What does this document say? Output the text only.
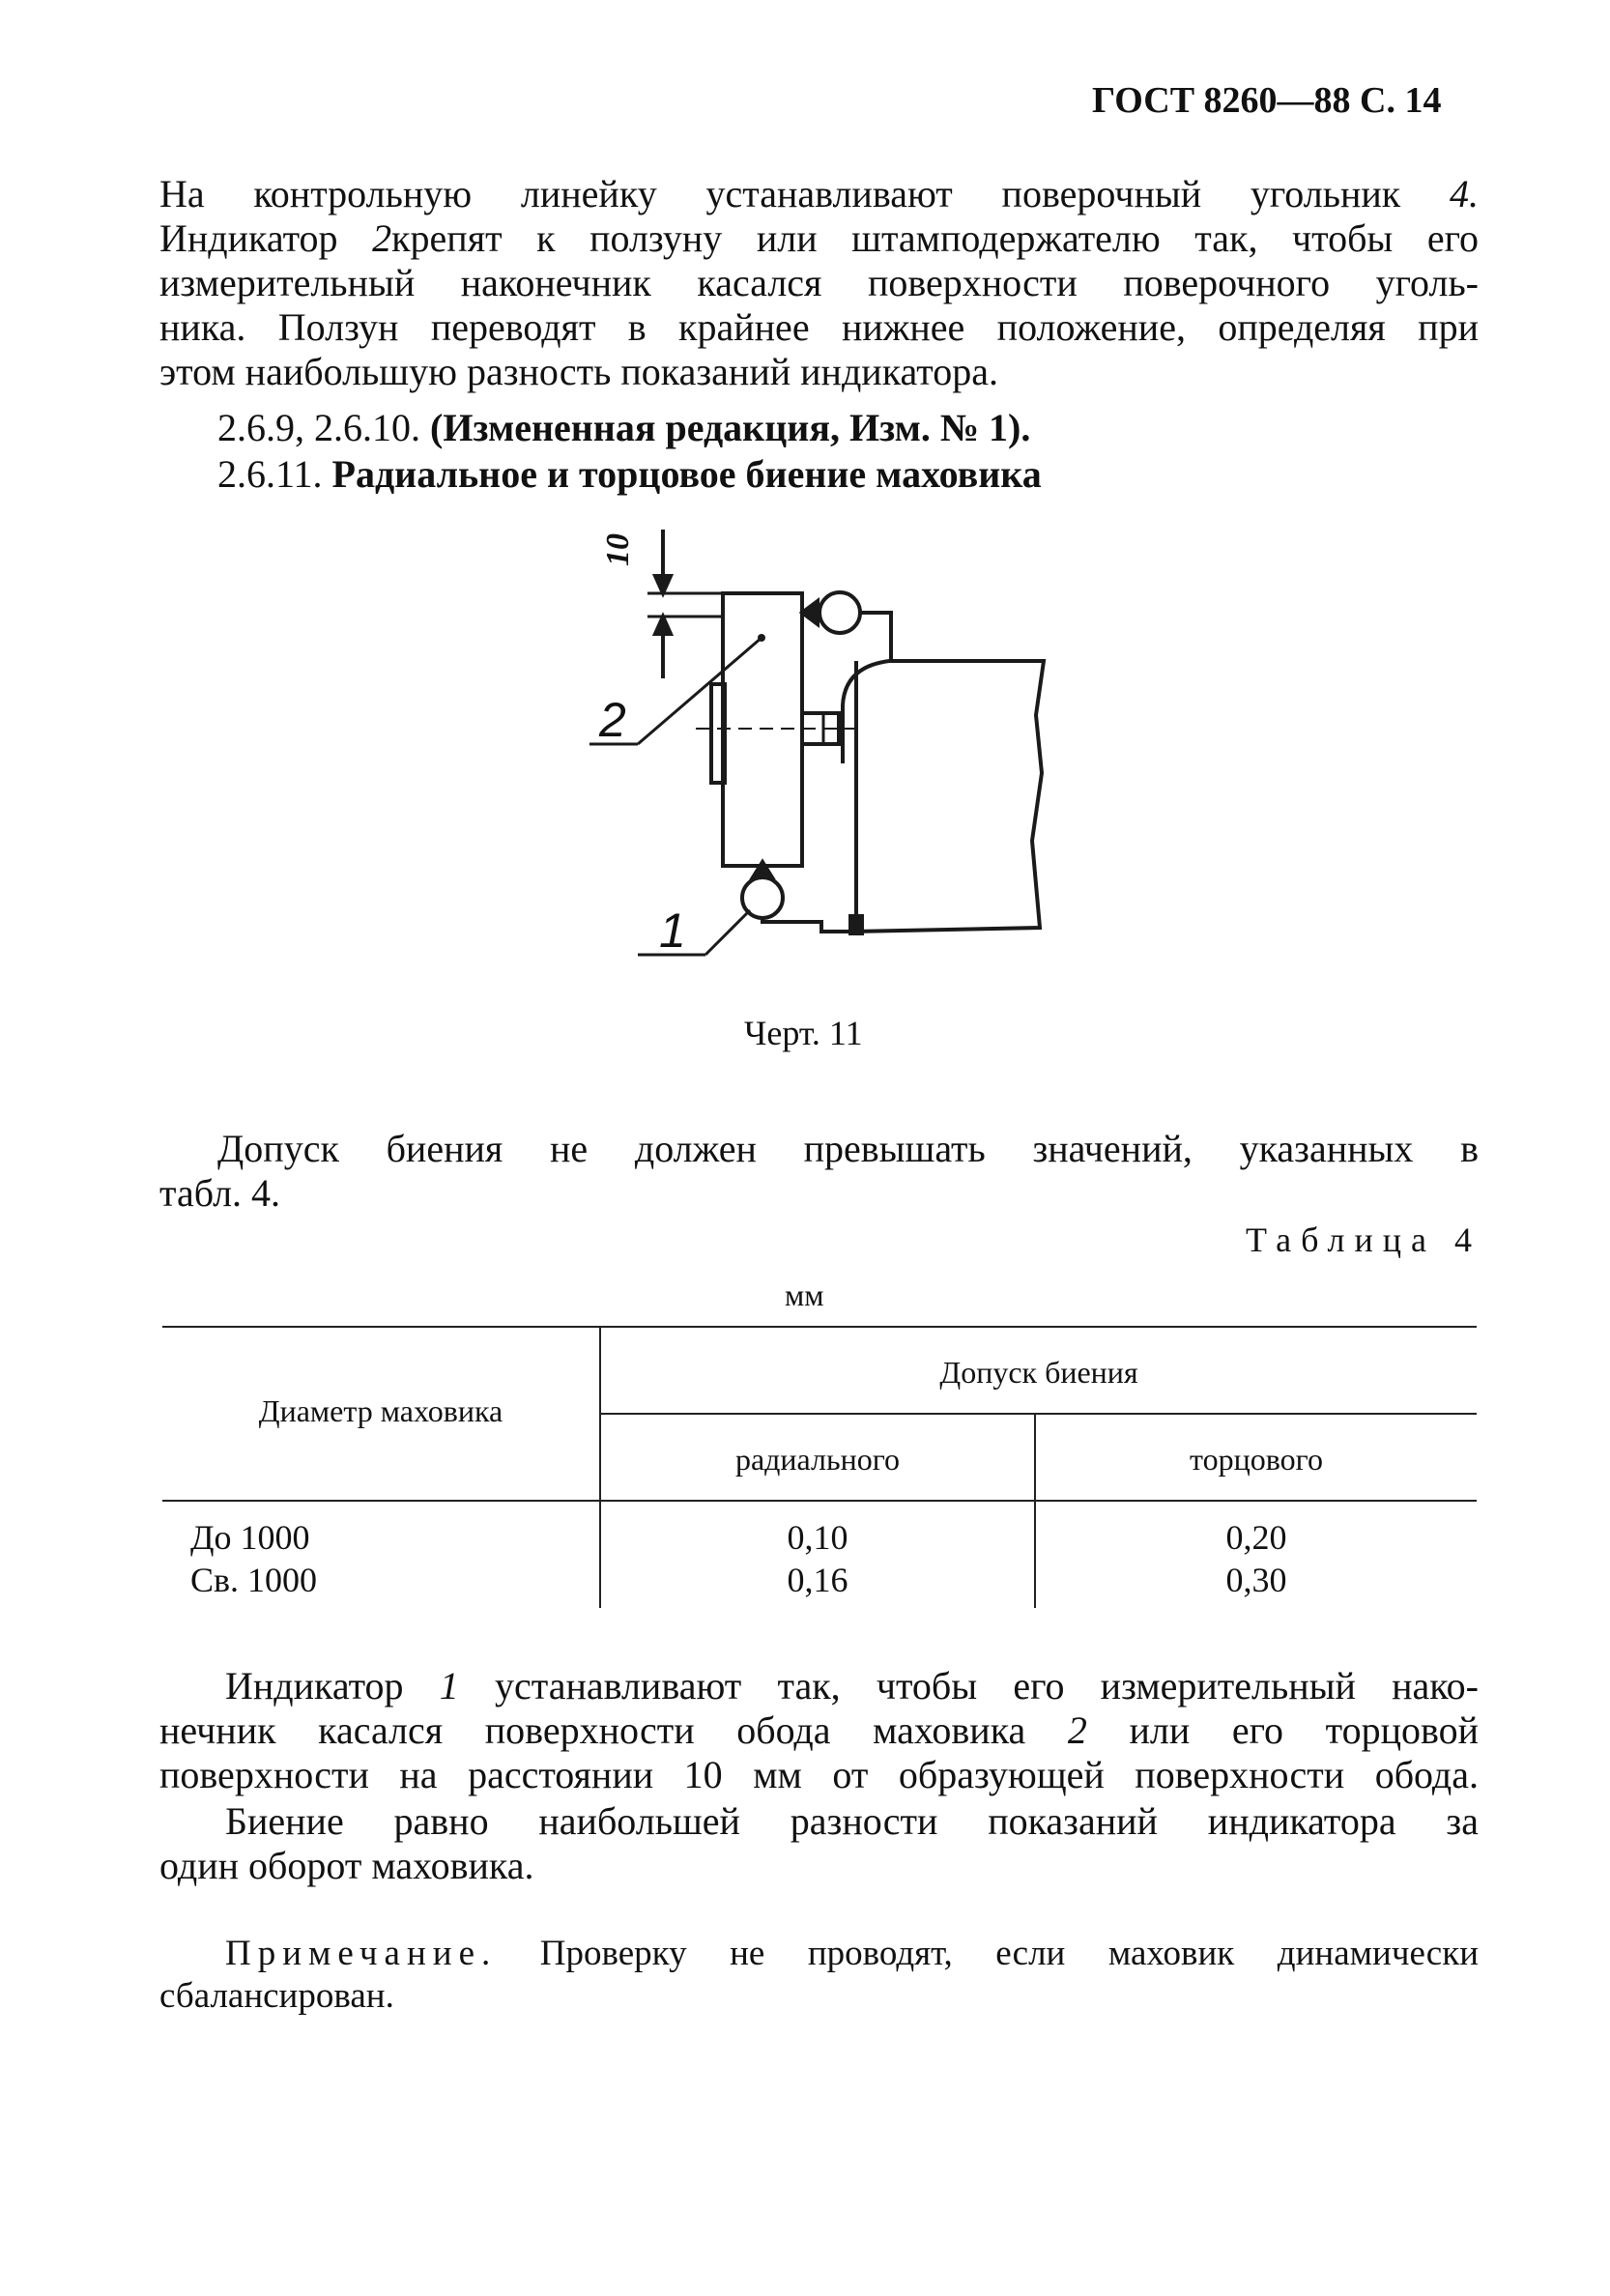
ГОСТ 8260—88 С. 14
На контрольную линейку устанавливают поверочный угольник 4.
Индикатор 2крепят к ползуну или штамподержателю так, чтобы его
измерительный наконечник касался поверхности поверочного уголь-
ника. Ползун переводят в крайнее нижнее положение, определяя при
этом наибольшую разность показаний индикатора.
2.6.9, 2.6.10. (Измененная редакция, Изм. № 1).
2.6.11. Радиальное и торцовое биение маховика
10
2
1
Черт. 11
Допуск биения не должен превышать значений, указанных в
табл. 4.
Таблица 4
мм
Диаметр маховика
Допуск биения
радиального	торцового
До 1000	0,10	0,20
Св. 1000	0,16	0,30
Индикатор 1 устанавливают так, чтобы его измерительный нако-
нечник касался поверхности обода маховика 2 или его торцовой
поверхности на расстоянии 10 мм от образующей поверхности обода.
Биение равно наибольшей разности показаний индикатора за
один оборот маховика.
Примечание. Проверку не проводят, если маховик динамически
сбалансирован.
